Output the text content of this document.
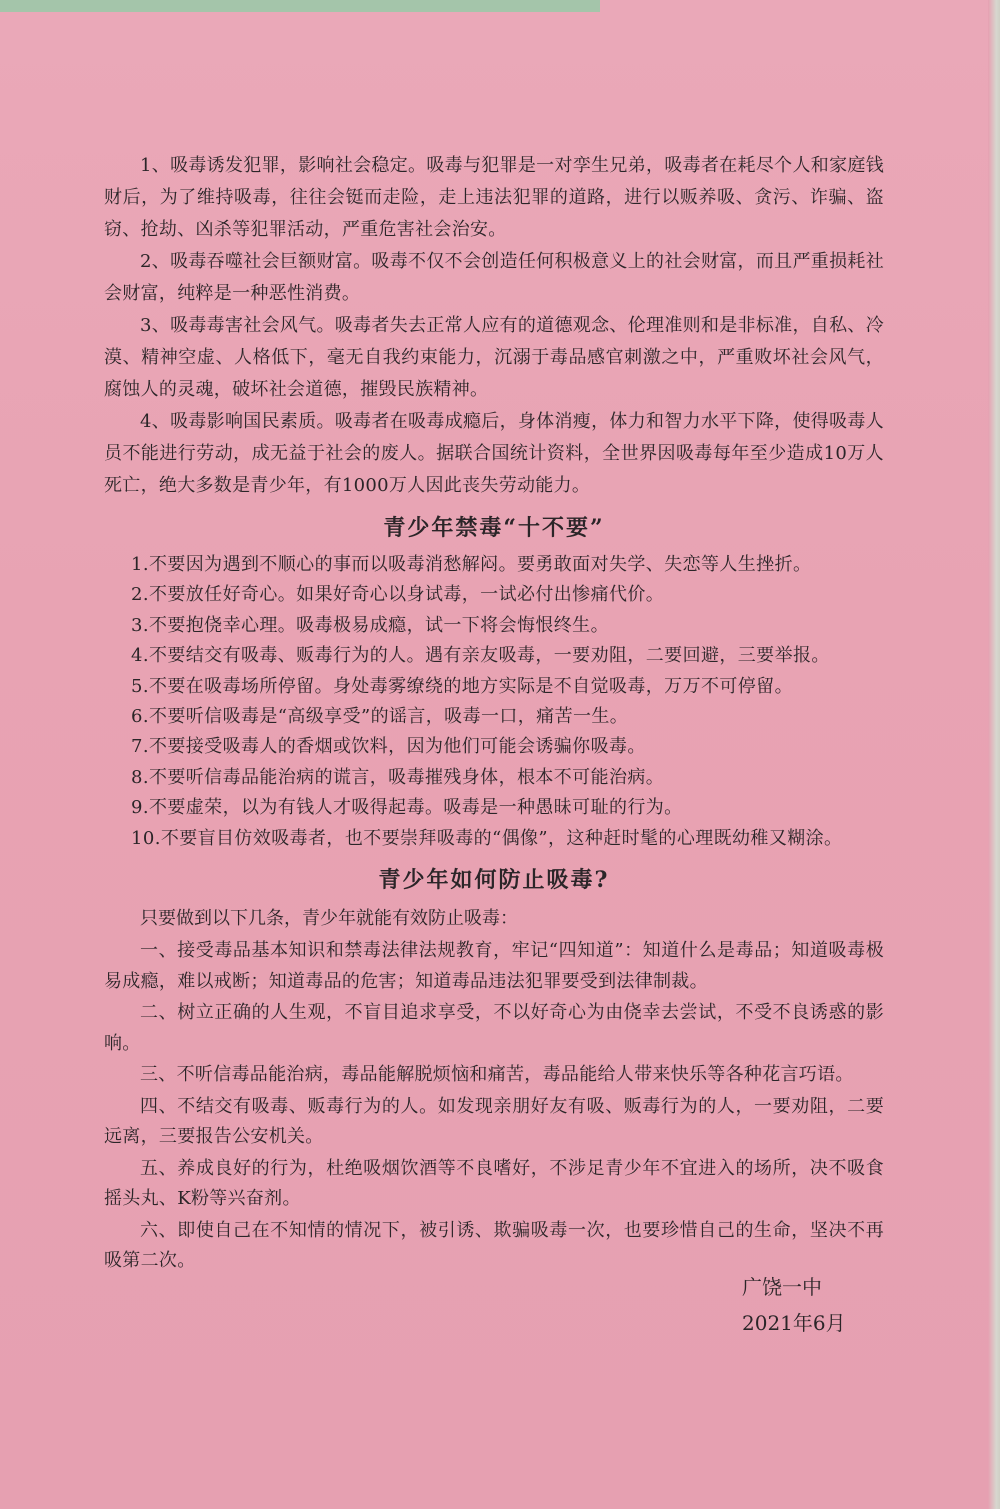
1、吸毒诱发犯罪，影响社会稳定。吸毒与犯罪是一对孪生兄弟，吸毒者在耗尽个人和家庭钱财后，为了维持吸毒，往往会铤而走险，走上违法犯罪的道路，进行以贩养吸、贪污、诈骗、盗窃、抢劫、凶杀等犯罪活动，严重危害社会治安。

2、吸毒吞噬社会巨额财富。吸毒不仅不会创造任何积极意义上的社会财富，而且严重损耗社会财富，纯粹是一种恶性消费。

3、吸毒毒害社会风气。吸毒者失去正常人应有的道德观念、伦理准则和是非标准，自私、冷漠、精神空虚、人格低下，毫无自我约束能力，沉溺于毒品感官刺激之中，严重败坏社会风气，腐蚀人的灵魂，破坏社会道德，摧毁民族精神。

4、吸毒影响国民素质。吸毒者在吸毒成瘾后，身体消瘦，体力和智力水平下降，使得吸毒人员不能进行劳动，成无益于社会的废人。据联合国统计资料，全世界因吸毒每年至少造成10万人死亡，绝大多数是青少年，有1000万人因此丧失劳动能力。

青少年禁毒“十不要”
1.不要因为遇到不顺心的事而以吸毒消愁解闷。要勇敢面对失学、失恋等人生挫折。
2.不要放任好奇心。如果好奇心以身试毒，一试必付出惨痛代价。
3.不要抱侥幸心理。吸毒极易成瘾，试一下将会悔恨终生。
4.不要结交有吸毒、贩毒行为的人。遇有亲友吸毒，一要劝阻，二要回避，三要举报。
5.不要在吸毒场所停留。身处毒雾缭绕的地方实际是不自觉吸毒，万万不可停留。
6.不要听信吸毒是“高级享受”的谣言，吸毒一口，痛苦一生。
7.不要接受吸毒人的香烟或饮料，因为他们可能会诱骗你吸毒。
8.不要听信毒品能治病的谎言，吸毒摧残身体，根本不可能治病。
9.不要虚荣，以为有钱人才吸得起毒。吸毒是一种愚昧可耻的行为。
10.不要盲目仿效吸毒者，也不要崇拜吸毒的“偶像”，这种赶时髦的心理既幼稚又糊涂。
青少年如何防止吸毒?

只要做到以下几条，青少年就能有效防止吸毒：

一、接受毒品基本知识和禁毒法律法规教育，牢记“四知道”：知道什么是毒品；知道吸毒极易成瘾，难以戒断；知道毒品的危害；知道毒品违法犯罪要受到法律制裁。

二、树立正确的人生观，不盲目追求享受，不以好奇心为由侥幸去尝试，不受不良诱惑的影响。

三、不听信毒品能治病，毒品能解脱烦恼和痛苦，毒品能给人带来快乐等各种花言巧语。

四、不结交有吸毒、贩毒行为的人。如发现亲朋好友有吸、贩毒行为的人，一要劝阻，二要远离，三要报告公安机关。

五、养成良好的行为，杜绝吸烟饮酒等不良嗜好，不涉足青少年不宜进入的场所，决不吸食摇头丸、K粉等兴奋剂。

六、即使自己在不知情的情况下，被引诱、欺骗吸毒一次，也要珍惜自己的生命，坚决不再吸第二次。

广饶一中
2021年6月
